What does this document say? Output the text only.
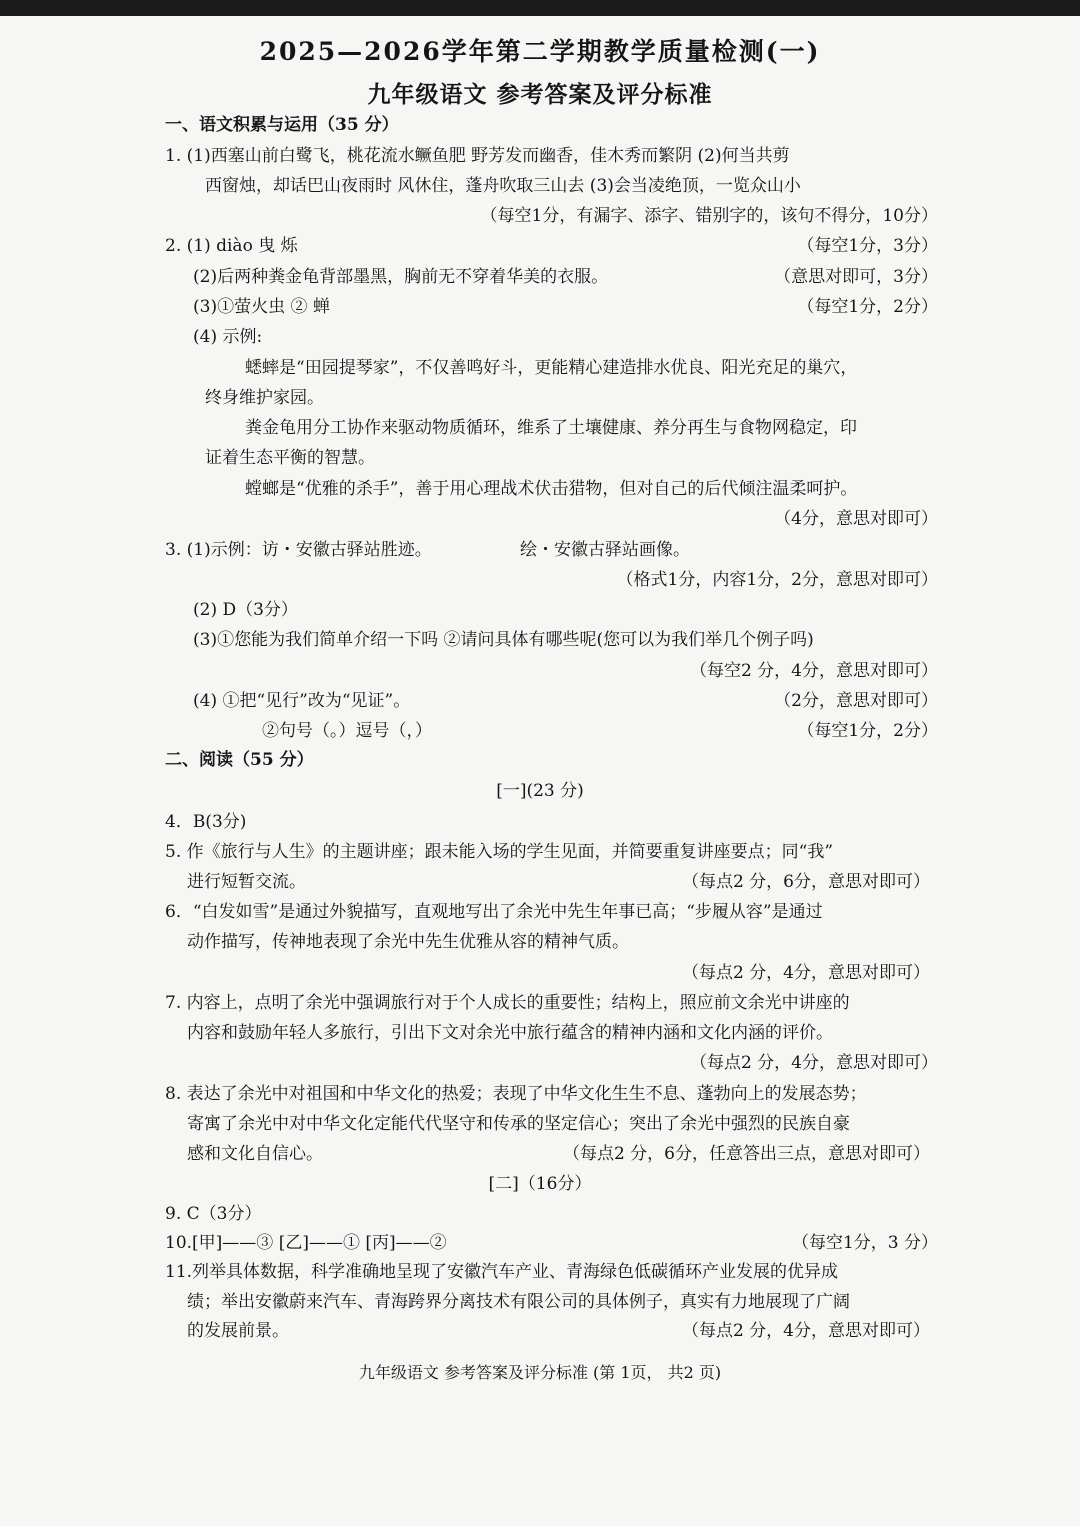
2025—2026学年第二学期教学质量检测(一)
九年级语文 参考答案及评分标准
一、语文积累与运用（35 分）
1. (1)西塞山前白鹭飞，桃花流水鳜鱼肥 野芳发而幽香，佳木秀而繁阴 (2)何当共剪
西窗烛，却话巴山夜雨时 风休住，蓬舟吹取三山去 (3)会当凌绝顶，一览众山小
（每空1分，有漏字、添字、错别字的，该句不得分，10分）
2. (1) diào 曳 烁	（每空1分，3分）
(2)后两种粪金龟背部墨黑，胸前无不穿着华美的衣服。	（意思对即可，3分）
(3)①萤火虫 ② 蝉	（每空1分，2分）
(4) 示例:
蟋蟀是“田园提琴家”，不仅善鸣好斗，更能精心建造排水优良、阳光充足的巢穴，
终身维护家园。
粪金龟用分工协作来驱动物质循环，维系了土壤健康、养分再生与食物网稳定，印
证着生态平衡的智慧。
螳螂是“优雅的杀手”，善于用心理战术伏击猎物，但对自己的后代倾注温柔呵护。
（4分，意思对即可）
3. (1)示例：访・安徽古驿站胜迹。	绘・安徽古驿站画像。
（格式1分，内容1分，2分，意思对即可）
(2) D（3分）
(3)①您能为我们简单介绍一下吗 ②请问具体有哪些呢(您可以为我们举几个例子吗)
（每空2 分，4分，意思对即可）
(4) ①把“见行”改为“见证”。	（2分，意思对即可）
②句号（。）逗号（，）	（每空1分，2分）
二、阅读（55 分）
[一](23 分)
4．B(3分)
5. 作《旅行与人生》的主题讲座；跟未能入场的学生见面，并简要重复讲座要点；同“我”
进行短暂交流。	（每点2 分，6分，意思对即可）
6．“白发如雪”是通过外貌描写，直观地写出了余光中先生年事已高；“步履从容”是通过
动作描写，传神地表现了余光中先生优雅从容的精神气质。
（每点2 分，4分，意思对即可）
7. 内容上，点明了余光中强调旅行对于个人成长的重要性；结构上，照应前文余光中讲座的
内容和鼓励年轻人多旅行，引出下文对余光中旅行蕴含的精神内涵和文化内涵的评价。
（每点2 分，4分，意思对即可）
8. 表达了余光中对祖国和中华文化的热爱；表现了中华文化生生不息、蓬勃向上的发展态势；
寄寓了余光中对中华文化定能代代坚守和传承的坚定信心；突出了余光中强烈的民族自豪
感和文化自信心。	（每点2 分，6分，任意答出三点，意思对即可）
[二]（16分）
9. C（3分）
10.[甲]——③ [乙]——① [丙]——②	（每空1分，3 分）
11.列举具体数据，科学准确地呈现了安徽汽车产业、青海绿色低碳循环产业发展的优异成
绩；举出安徽蔚来汽车、青海跨界分离技术有限公司的具体例子，真实有力地展现了广阔
的发展前景。	（每点2 分，4分，意思对即可）
九年级语文 参考答案及评分标准 (第 1页， 共2 页)
